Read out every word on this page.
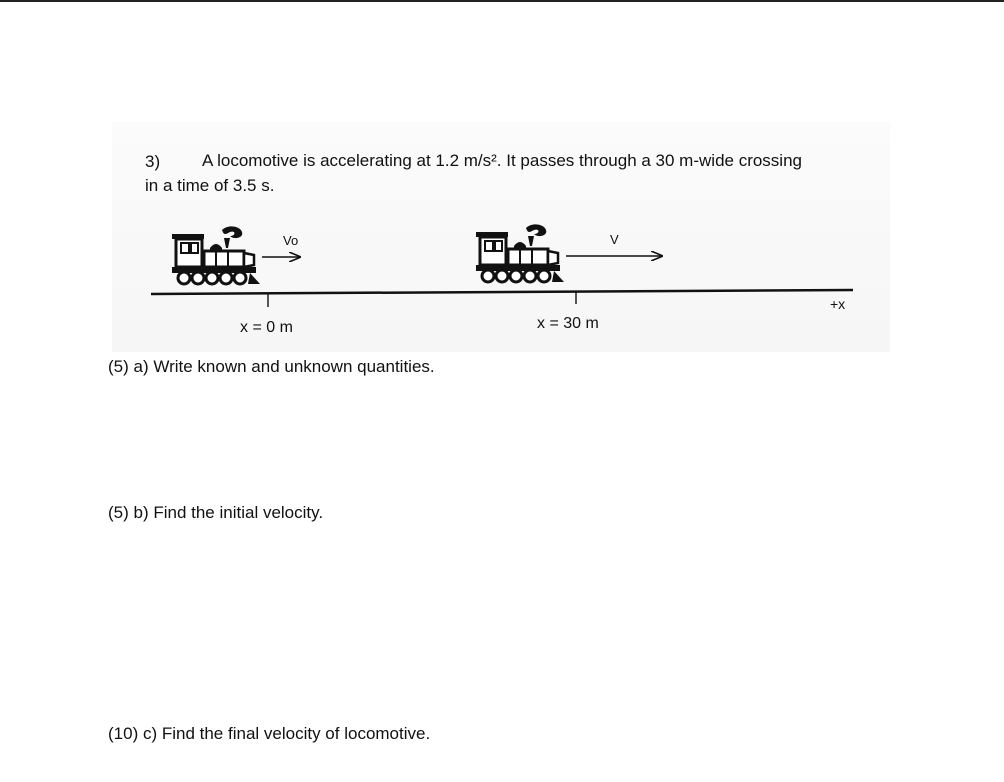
3) A locomotive is accelerating at 1.2 m/s². It passes through a 30 m-wide crossing
in a time of 3.5 s.
Vo	V
x = 0 m	x = 30 m
+x
(5) a) Write known and unknown quantities.
(5) b) Find the initial velocity.
(10) c) Find the final velocity of locomotive.
